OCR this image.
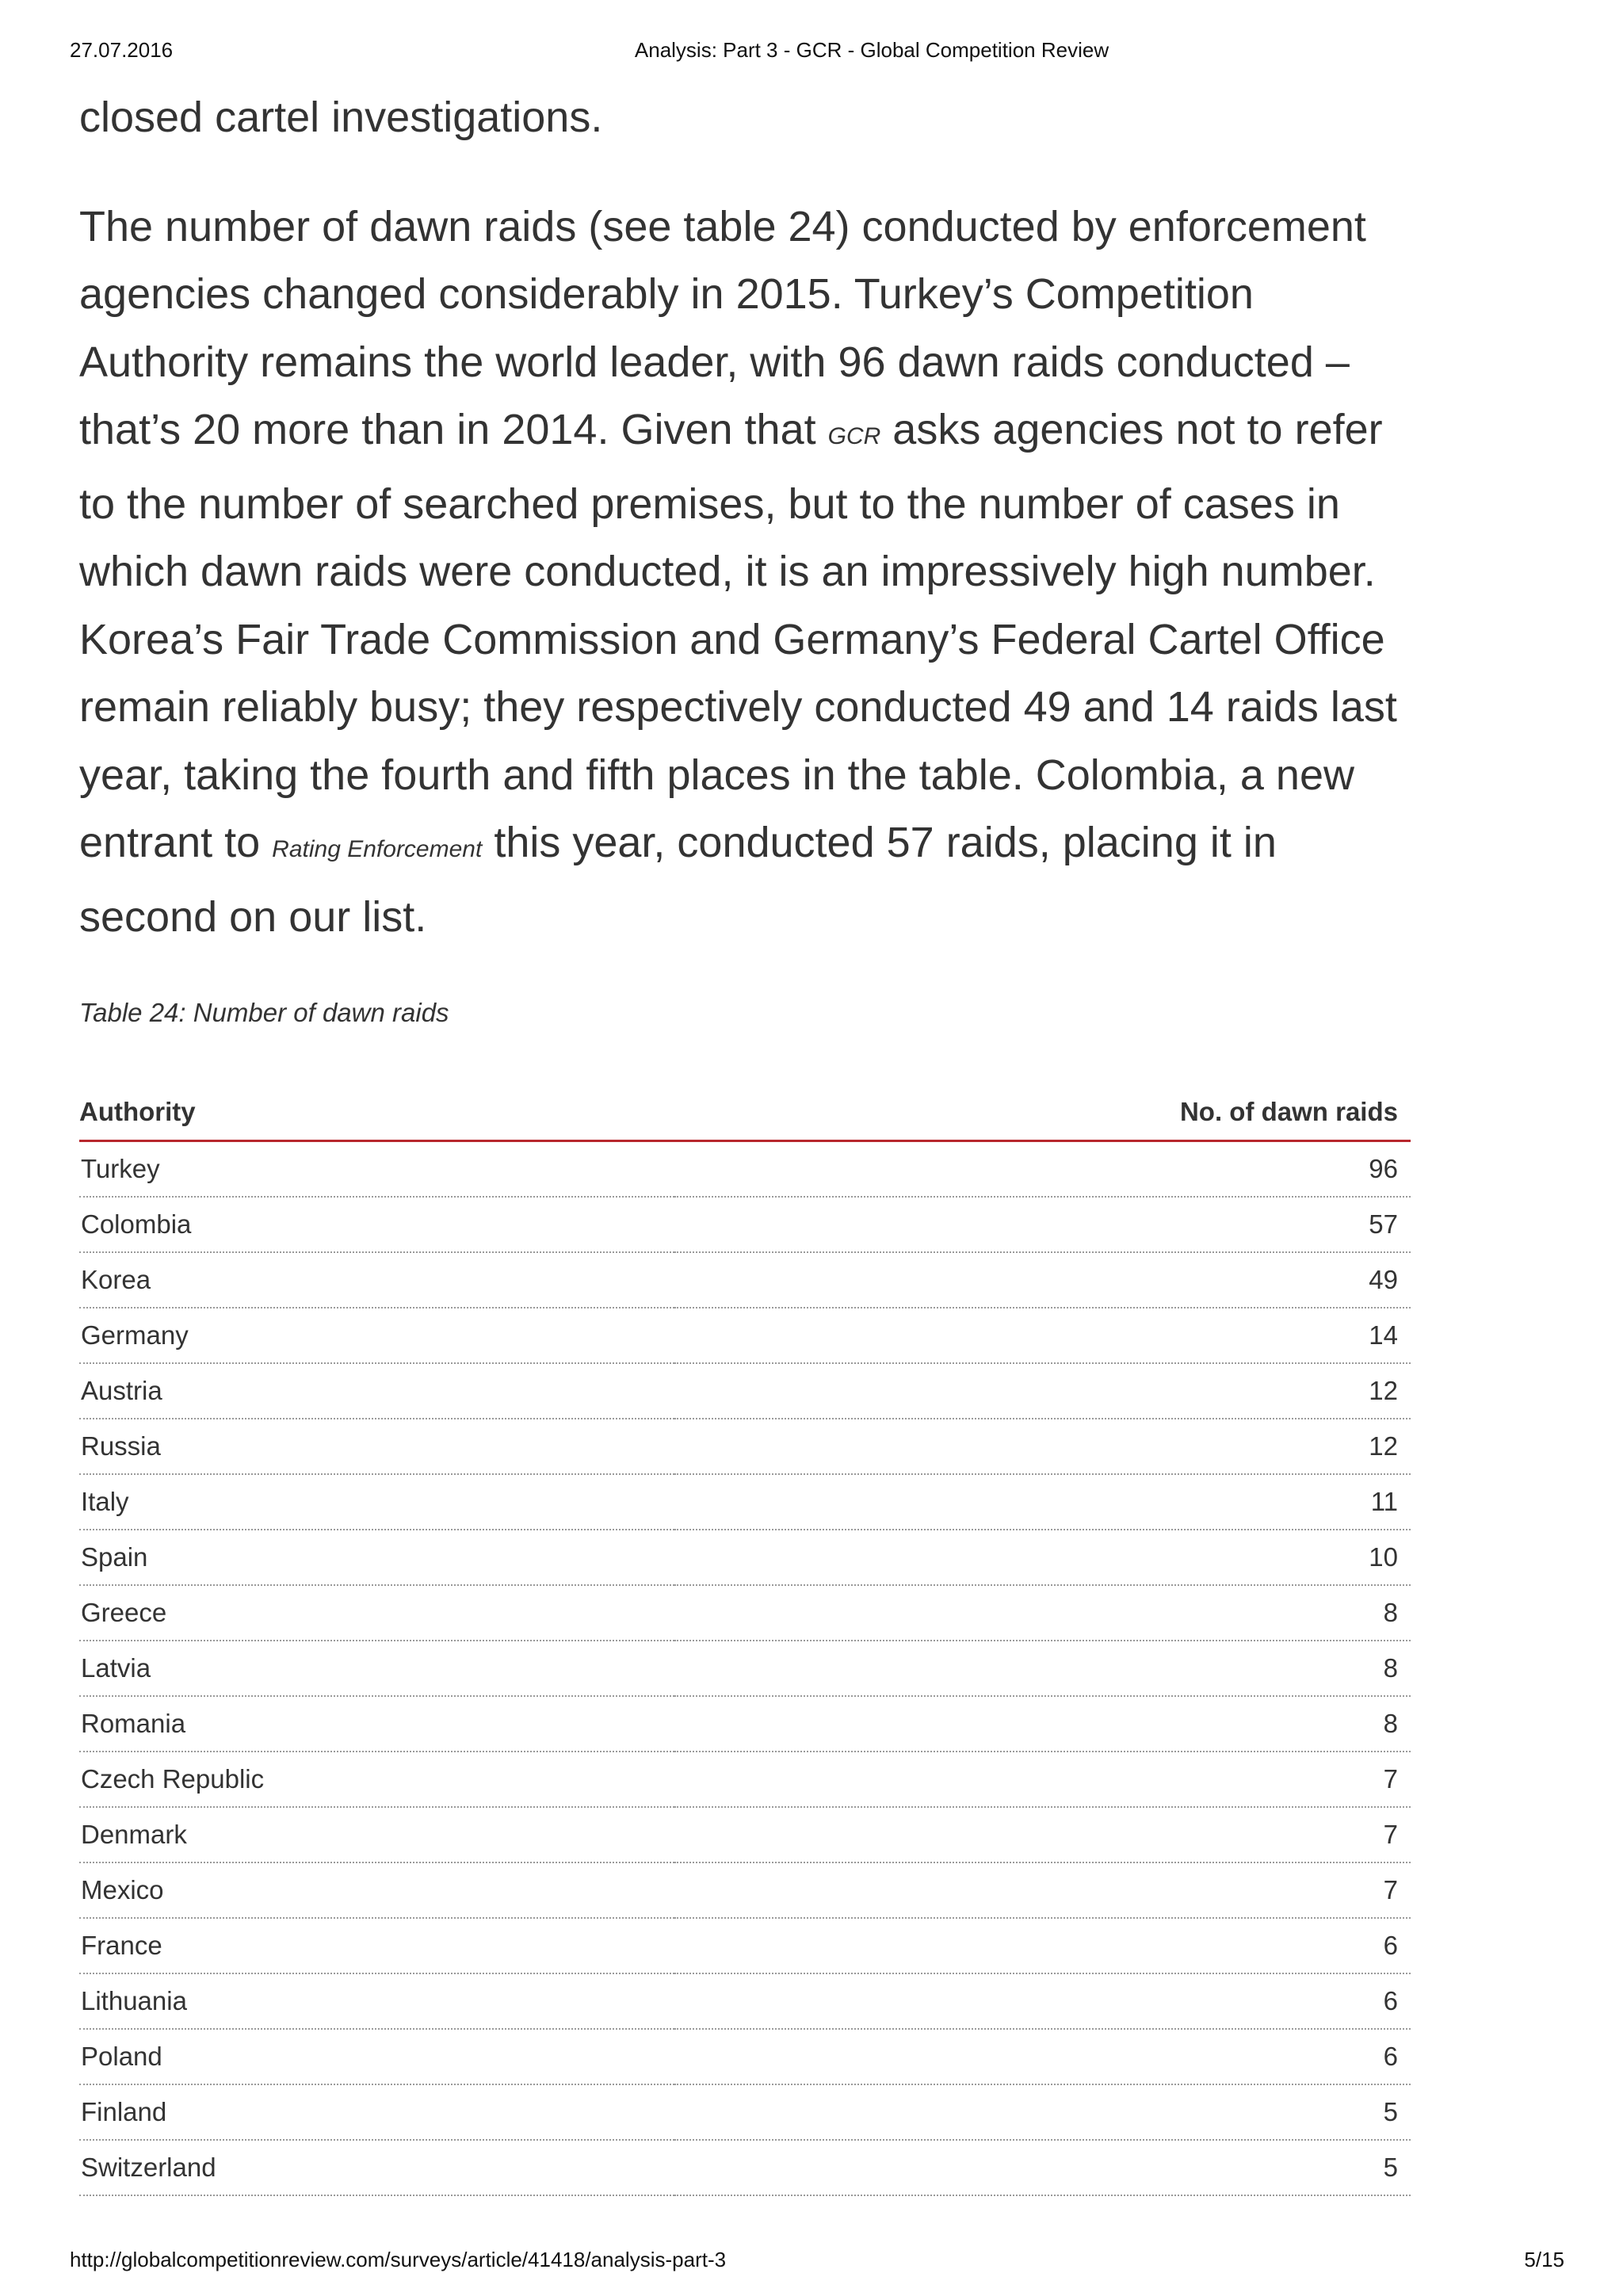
27.07.2016	Analysis: Part 3 - GCR - Global Competition Review

closed cartel investigations.

The number of dawn raids (see table 24) conducted by enforcement agencies changed considerably in 2015. Turkey’s Competition Authority remains the world leader, with 96 dawn raids conducted – that’s 20 more than in 2014. Given that GCR asks agencies not to refer to the number of searched premises, but to the number of cases in which dawn raids were conducted, it is an impressively high number. Korea’s Fair Trade Commission and Germany’s Federal Cartel Office remain reliably busy; they respectively conducted 49 and 14 raids last year, taking the fourth and fifth places in the table. Colombia, a new entrant to Rating Enforcement this year, conducted 57 raids, placing it in second on our list.

Table 24: Number of dawn raids

Authority	No. of dawn raids
Turkey	96
Colombia	57
Korea	49
Germany	14
Austria	12
Russia	12
Italy	11
Spain	10
Greece	8
Latvia	8
Romania	8
Czech Republic	7
Denmark	7
Mexico	7
France	6
Lithuania	6
Poland	6
Finland	5
Switzerland	5
http://globalcompetitionreview.com/surveys/article/41418/analysis-part-3	5/15
